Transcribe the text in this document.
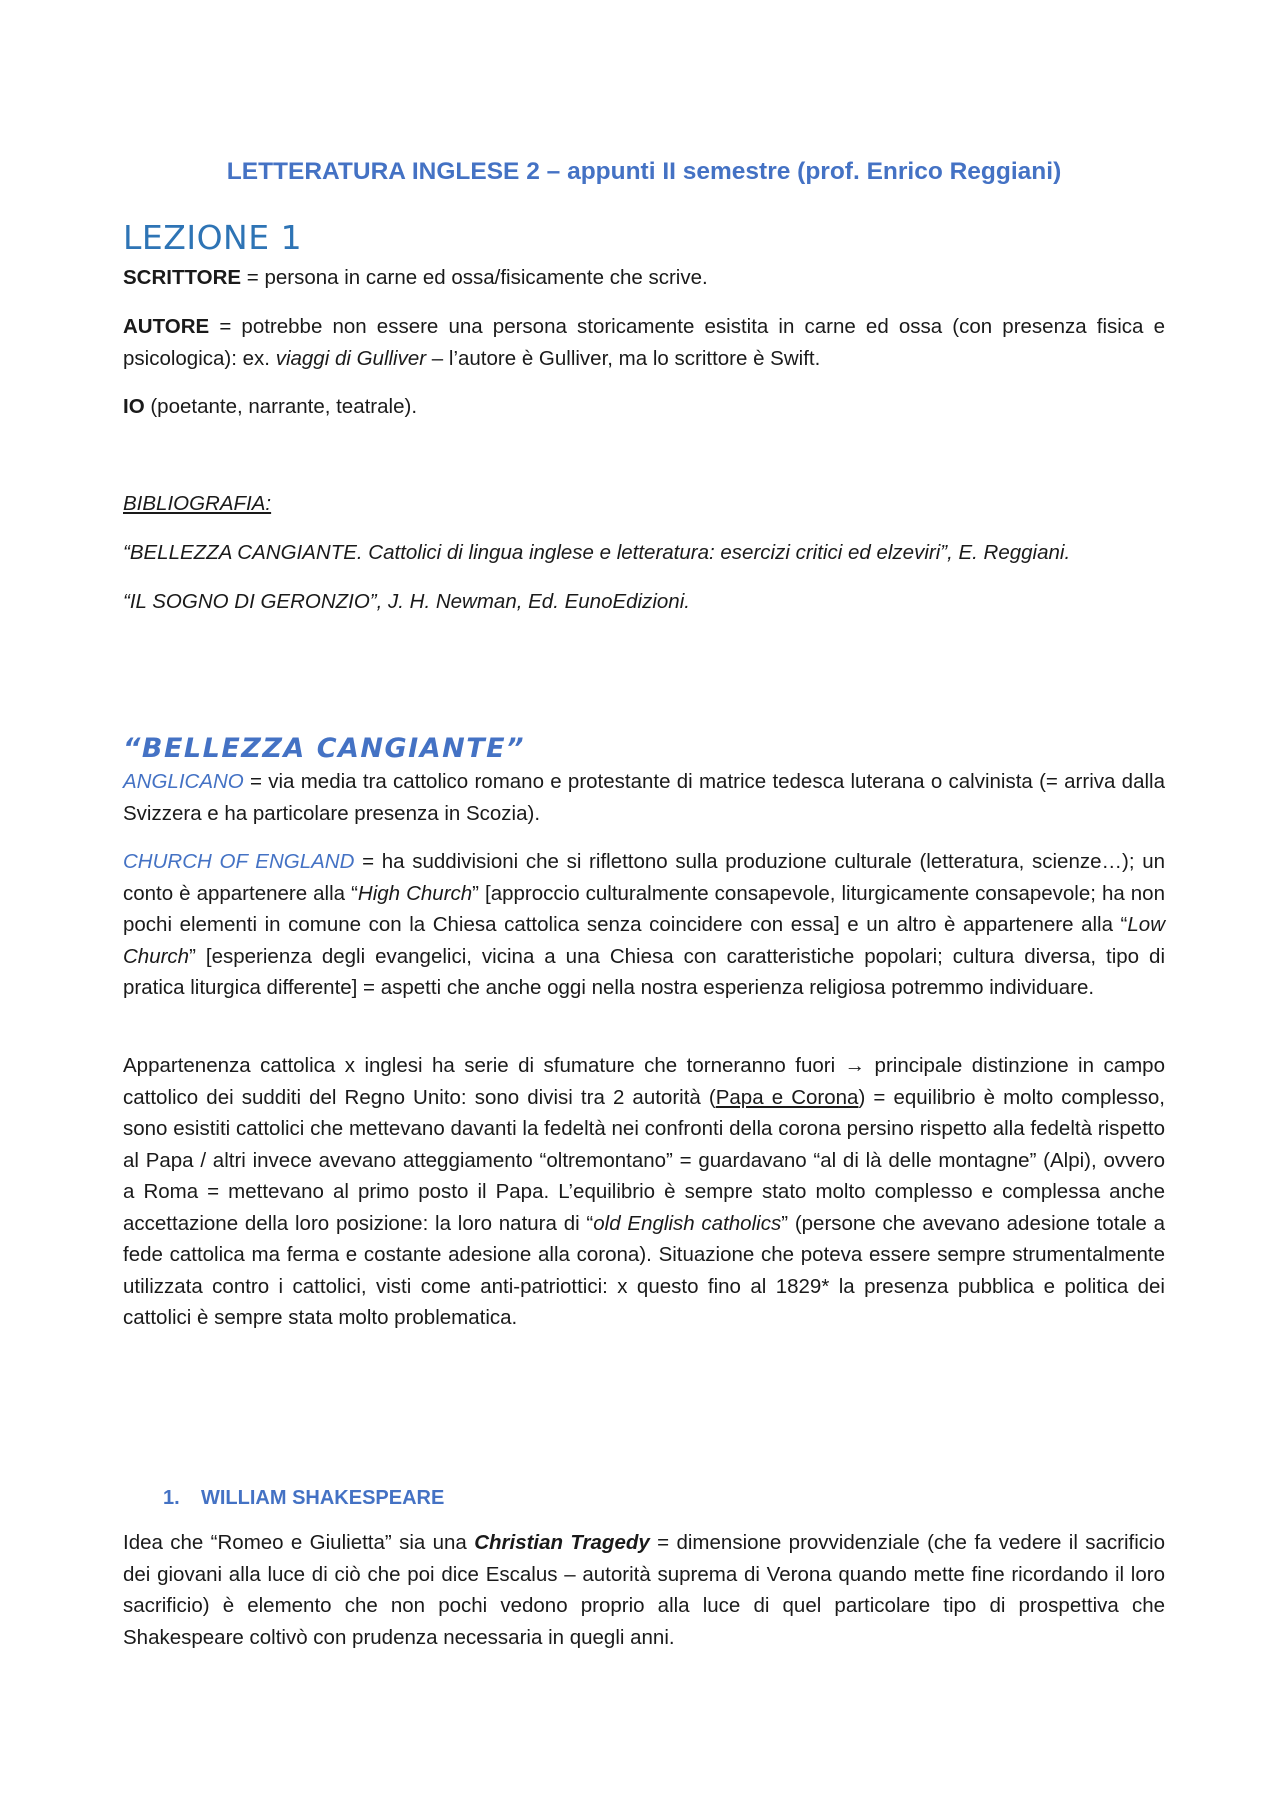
LETTERATURA INGLESE 2 – appunti II semestre (prof. Enrico Reggiani)
LEZIONE 1
SCRITTORE = persona in carne ed ossa/fisicamente che scrive.
AUTORE = potrebbe non essere una persona storicamente esistita in carne ed ossa (con presenza fisica e psicologica): ex. viaggi di Gulliver – l’autore è Gulliver, ma lo scrittore è Swift.
IO (poetante, narrante, teatrale).
BIBLIOGRAFIA:
“BELLEZZA CANGIANTE. Cattolici di lingua inglese e letteratura: esercizi critici ed elzeviri”, E. Reggiani.
“IL SOGNO DI GERONZIO”, J. H. Newman, Ed. EunoEdizioni.
“BELLEZZA CANGIANTE”
ANGLICANO = via media tra cattolico romano e protestante di matrice tedesca luterana o calvinista (= arriva dalla Svizzera e ha particolare presenza in Scozia).
CHURCH OF ENGLAND = ha suddivisioni che si riflettono sulla produzione culturale (letteratura, scienze…); un conto è appartenere alla “High Church” [approccio culturalmente consapevole, liturgicamente consapevole; ha non pochi elementi in comune con la Chiesa cattolica senza coincidere con essa] e un altro è appartenere alla “Low Church” [esperienza degli evangelici, vicina a una Chiesa con caratteristiche popolari; cultura diversa, tipo di pratica liturgica differente] = aspetti che anche oggi nella nostra esperienza religiosa potremmo individuare.
Appartenenza cattolica x inglesi ha serie di sfumature che torneranno fuori → principale distinzione in campo cattolico dei sudditi del Regno Unito: sono divisi tra 2 autorità (Papa e Corona) = equilibrio è molto complesso, sono esistiti cattolici che mettevano davanti la fedeltà nei confronti della corona persino rispetto alla fedeltà rispetto al Papa / altri invece avevano atteggiamento “oltremontano” = guardavano “al di là delle montagne” (Alpi), ovvero a Roma = mettevano al primo posto il Papa. L’equilibrio è sempre stato molto complesso e complessa anche accettazione della loro posizione: la loro natura di “old English catholics” (persone che avevano adesione totale a fede cattolica ma ferma e costante adesione alla corona). Situazione che poteva essere sempre strumentalmente utilizzata contro i cattolici, visti come anti-patriottici: x questo fino al 1829* la presenza pubblica e politica dei cattolici è sempre stata molto problematica.
1. WILLIAM SHAKESPEARE
Idea che “Romeo e Giulietta” sia una Christian Tragedy = dimensione provvidenziale (che fa vedere il sacrificio dei giovani alla luce di ciò che poi dice Escalus – autorità suprema di Verona quando mette fine ricordando il loro sacrificio) è elemento che non pochi vedono proprio alla luce di quel particolare tipo di prospettiva che Shakespeare coltivò con prudenza necessaria in quegli anni.
